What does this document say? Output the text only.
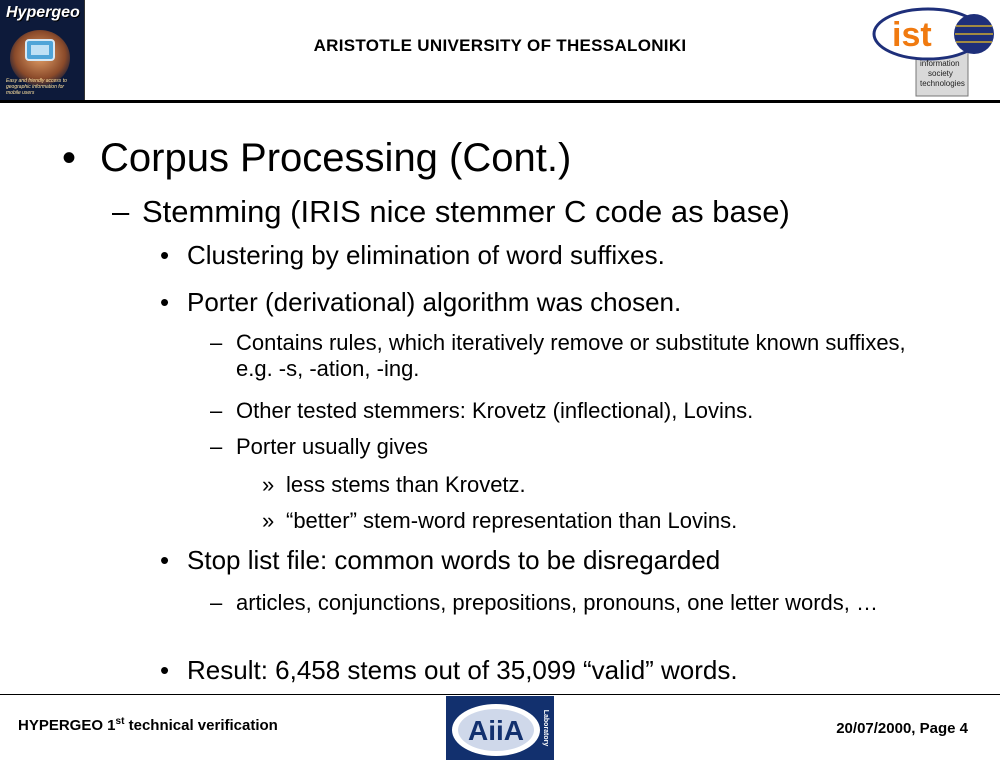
Hypergeo
Easy and friendly access to geographic information for mobile users
ARISTOTLE UNIVERSITY OF THESSALONIKI	ist
information
society
technologies
• Corpus Processing (Cont.)
– Stemming (IRIS nice stemmer C code as base)
• Clustering by elimination of word suffixes.
• Porter (derivational) algorithm was chosen.
– Contains rules, which iteratively remove or substitute known suffixes, e.g. -s, -ation, -ing.
– Other tested stemmers: Krovetz (inflectional), Lovins.
– Porter usually gives
» less stems than Krovetz.
» “better” stem-word representation than Lovins.
• Stop list file: common words to be disregarded
– articles, conjunctions, prepositions, pronouns, one letter words, …
• Result: 6,458 stems out of 35,099 “valid” words.
HYPERGEO 1st technical verification	AiiA	Laboratory	20/07/2000, Page 4
